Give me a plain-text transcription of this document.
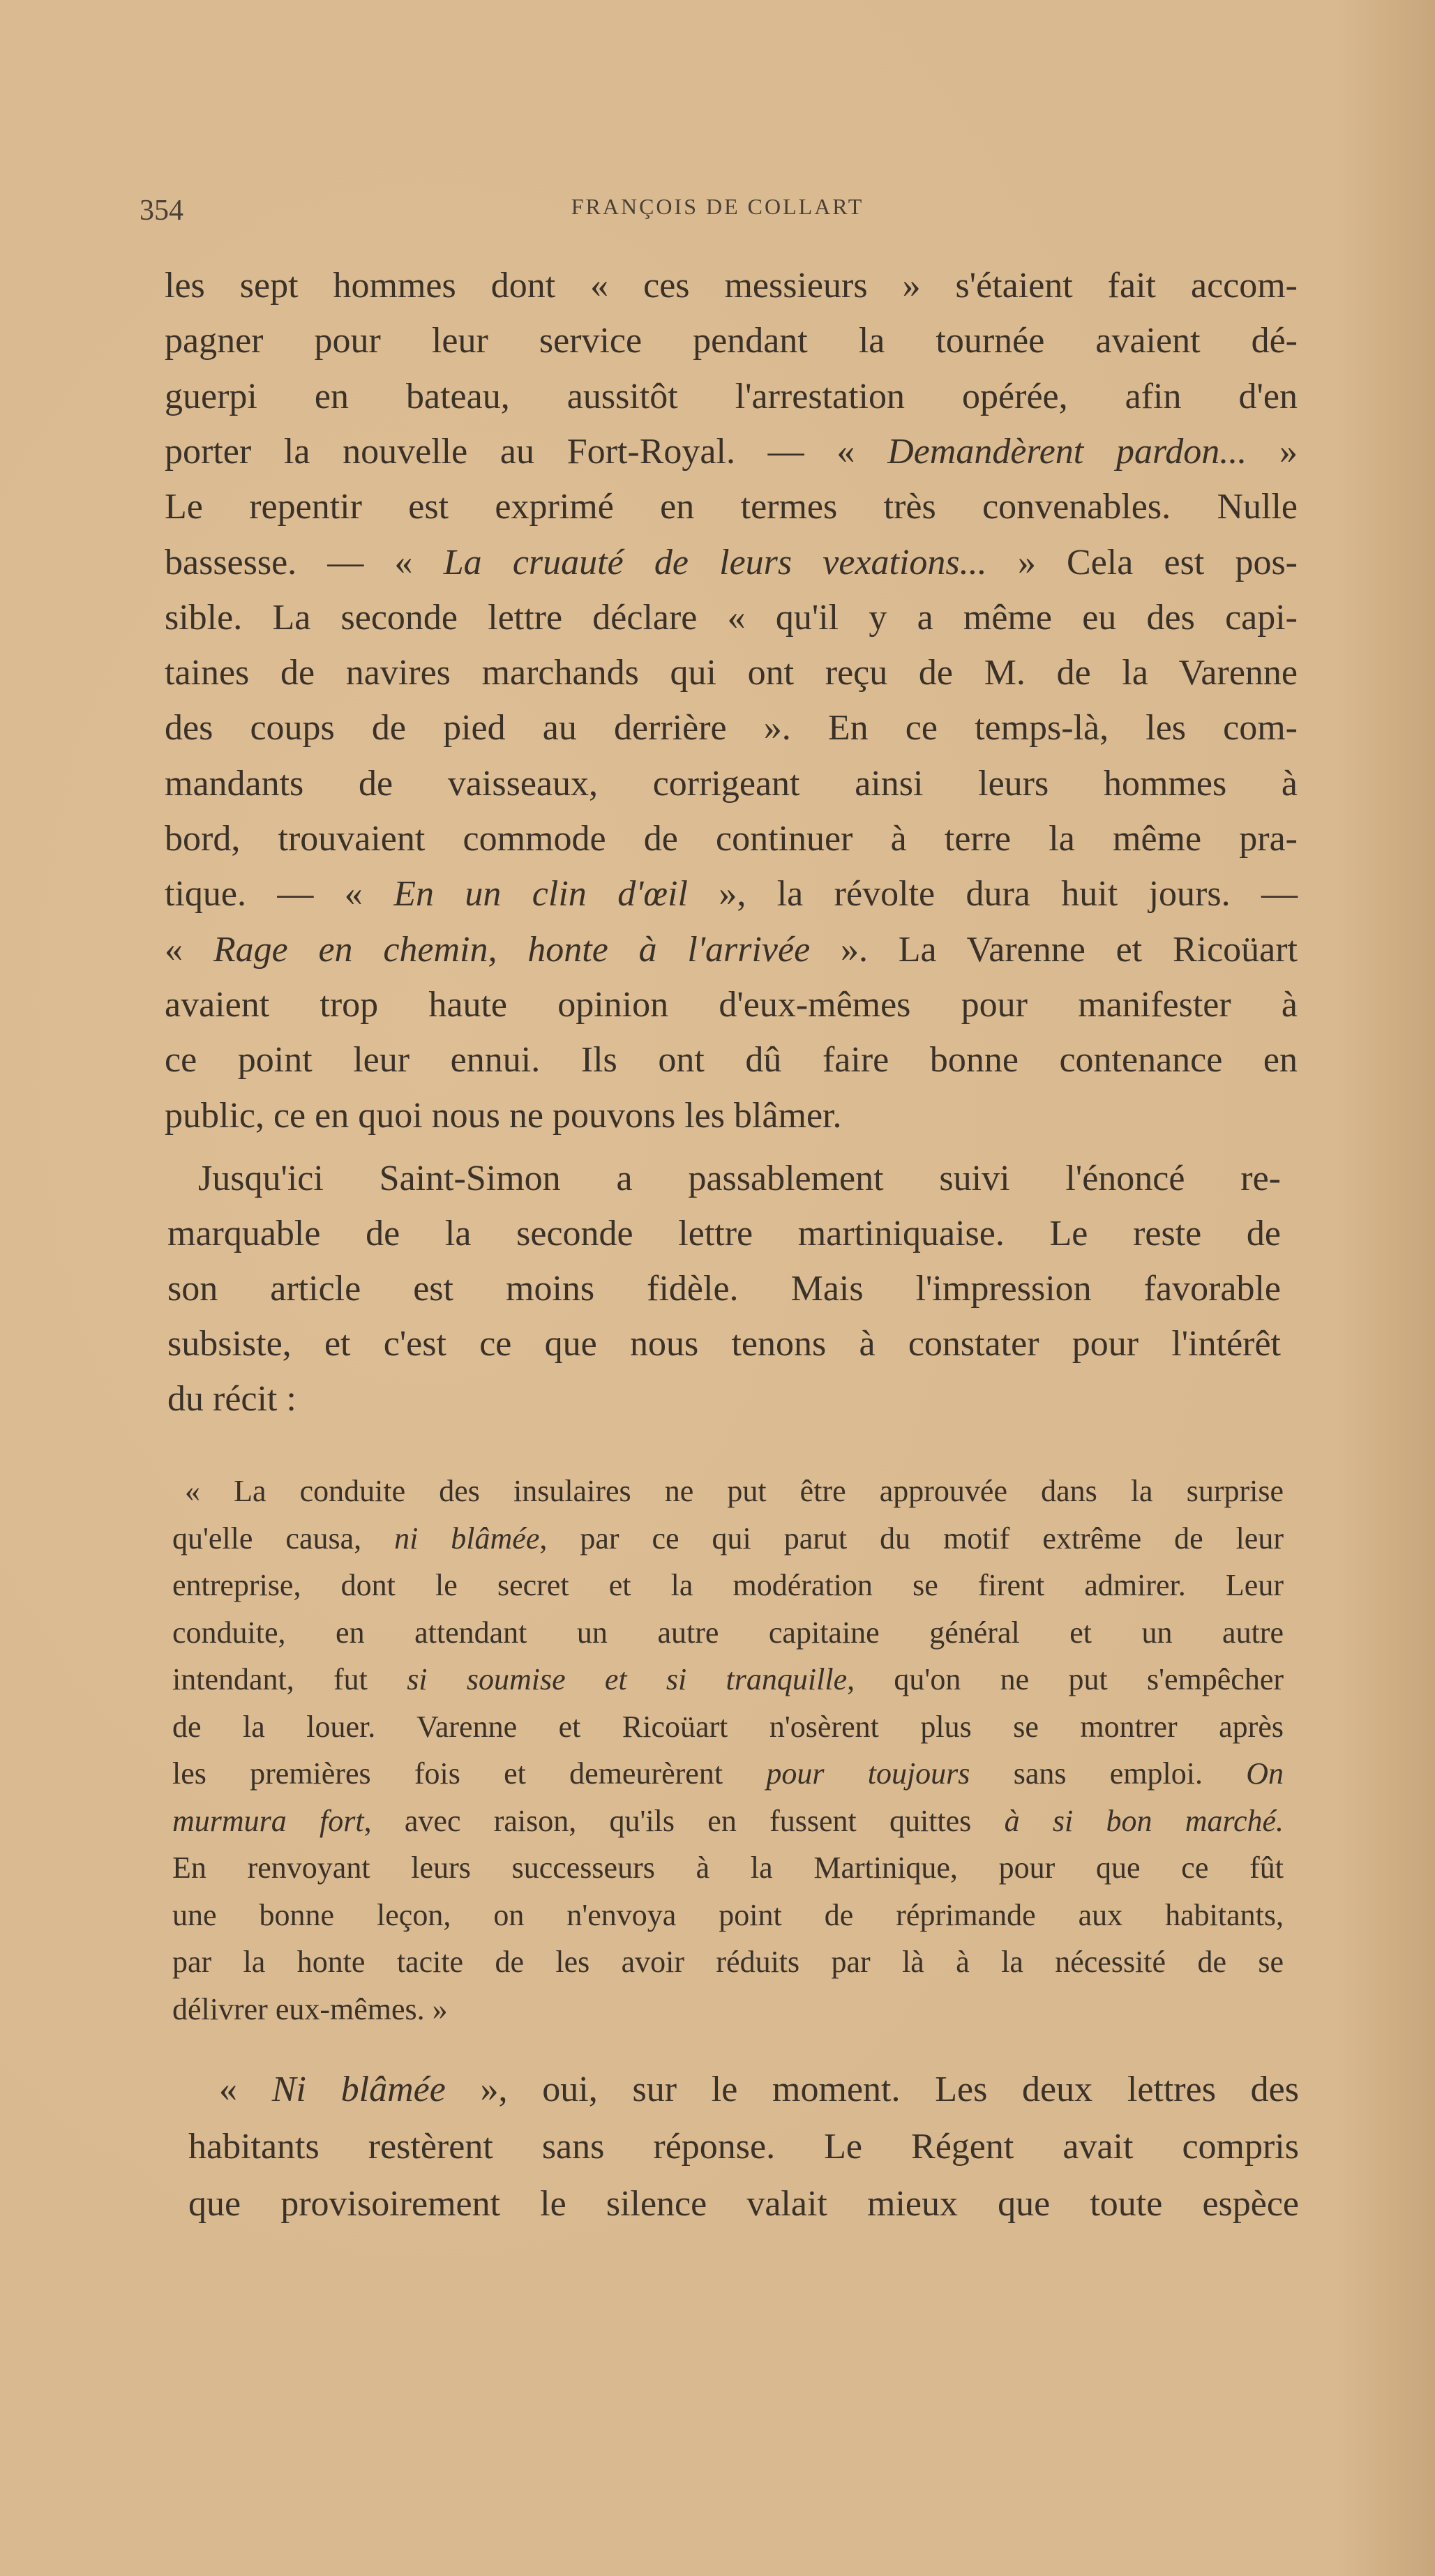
354	FRANÇOIS DE COLLART
les sept hommes dont « ces messieurs » s'étaient fait accom-
pagner pour leur service pendant la tournée avaient dé-
guerpi en bateau, aussitôt l'arrestation opérée, afin d'en
porter la nouvelle au Fort-Royal. — « Demandèrent pardon... »
Le repentir est exprimé en termes très convenables. Nulle
bassesse. — « La cruauté de leurs vexations... » Cela est pos-
sible. La seconde lettre déclare « qu'il y a même eu des capi-
taines de navires marchands qui ont reçu de M. de la Varenne
des coups de pied au derrière ». En ce temps-là, les com-
mandants de vaisseaux, corrigeant ainsi leurs hommes à
bord, trouvaient commode de continuer à terre la même pra-
tique. — « En un clin d'œil », la révolte dura huit jours. —
« Rage en chemin, honte à l'arrivée ». La Varenne et Ricoüart
avaient trop haute opinion d'eux-mêmes pour manifester à
ce point leur ennui. Ils ont dû faire bonne contenance en
public, ce en quoi nous ne pouvons les blâmer.
Jusqu'ici Saint-Simon a passablement suivi l'énoncé re-
marquable de la seconde lettre martiniquaise. Le reste de
son article est moins fidèle. Mais l'impression favorable
subsiste, et c'est ce que nous tenons à constater pour l'intérêt
du récit :
« La conduite des insulaires ne put être approuvée dans la surprise
qu'elle causa, ni blâmée, par ce qui parut du motif extrême de leur
entreprise, dont le secret et la modération se firent admirer. Leur
conduite, en attendant un autre capitaine général et un autre
intendant, fut si soumise et si tranquille, qu'on ne put s'empêcher
de la louer. Varenne et Ricoüart n'osèrent plus se montrer après
les premières fois et demeurèrent pour toujours sans emploi. On
murmura fort, avec raison, qu'ils en fussent quittes à si bon marché.
En renvoyant leurs successeurs à la Martinique, pour que ce fût
une bonne leçon, on n'envoya point de réprimande aux habitants,
par la honte tacite de les avoir réduits par là à la nécessité de se
délivrer eux-mêmes. »
« Ni blâmée », oui, sur le moment. Les deux lettres des
habitants restèrent sans réponse. Le Régent avait compris
que provisoirement le silence valait mieux que toute espèce
